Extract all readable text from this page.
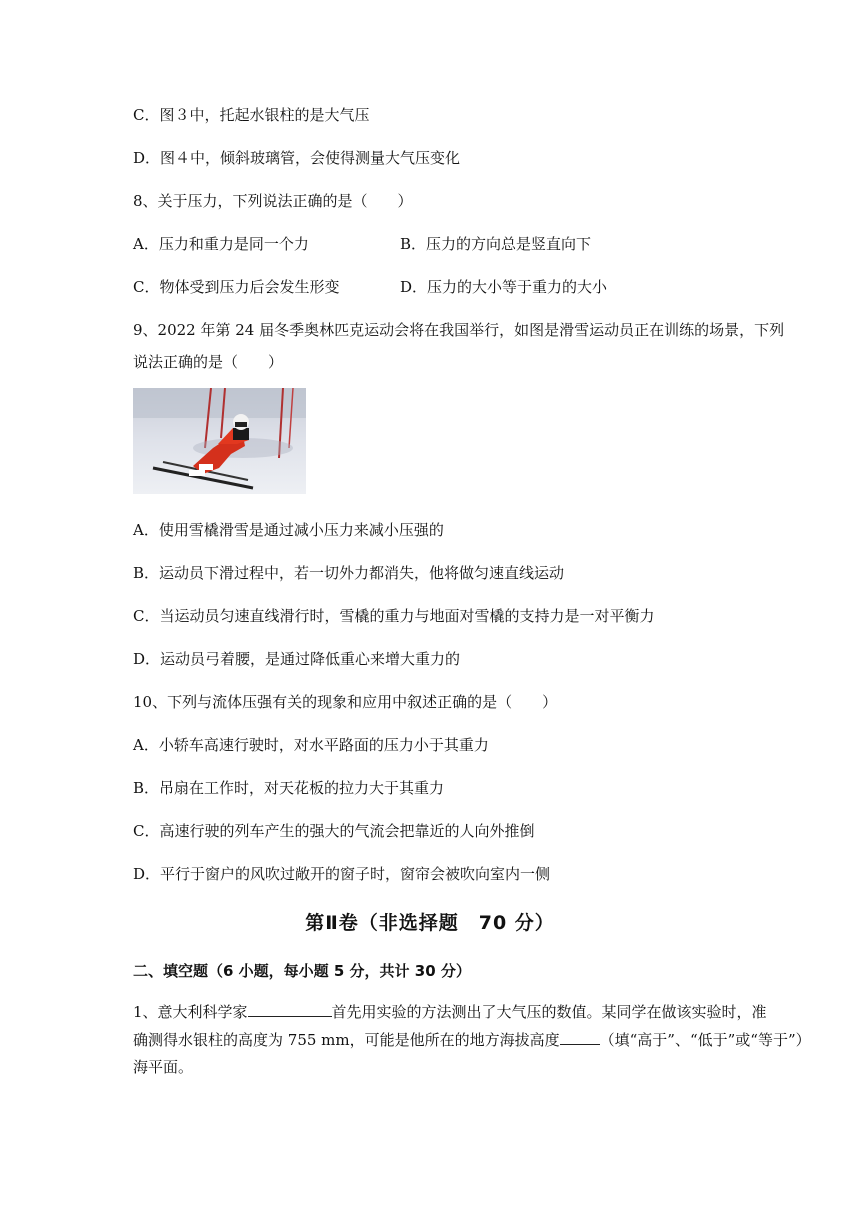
C．图３中，托起水银柱的是大气压
D．图４中，倾斜玻璃管，会使得测量大气压变化
8、关于压力，下列说法正确的是（　　）
A．压力和重力是同一个力	B．压力的方向总是竖直向下
C．物体受到压力后会发生形变	D．压力的大小等于重力的大小
9、2022 年第 24 届冬季奥林匹克运动会将在我国举行，如图是滑雪运动员正在训练的场景，下列
说法正确的是（　　）
A．使用雪橇滑雪是通过减小压力来减小压强的
B．运动员下滑过程中，若一切外力都消失，他将做匀速直线运动
C．当运动员匀速直线滑行时，雪橇的重力与地面对雪橇的支持力是一对平衡力
D．运动员弓着腰，是通过降低重心来增大重力的
10、下列与流体压强有关的现象和应用中叙述正确的是（　　）
A．小轿车高速行驶时，对水平路面的压力小于其重力
B．吊扇在工作时，对天花板的拉力大于其重力
C．高速行驶的列车产生的强大的气流会把靠近的人向外推倒
D．平行于窗户的风吹过敞开的窗子时，窗帘会被吹向室内一侧
第Ⅱ卷（非选择题　70 分）
二、填空题（6 小题，每小题 5 分，共计 30 分）
1、意大利科学家	首先用实验的方法测出了大气压的数值。某同学在做该实验时，准
确测得水银柱的高度为 755 mm，可能是他所在的地方海拔高度	（填“高于”、“低于”或“等于”）
海平面。
